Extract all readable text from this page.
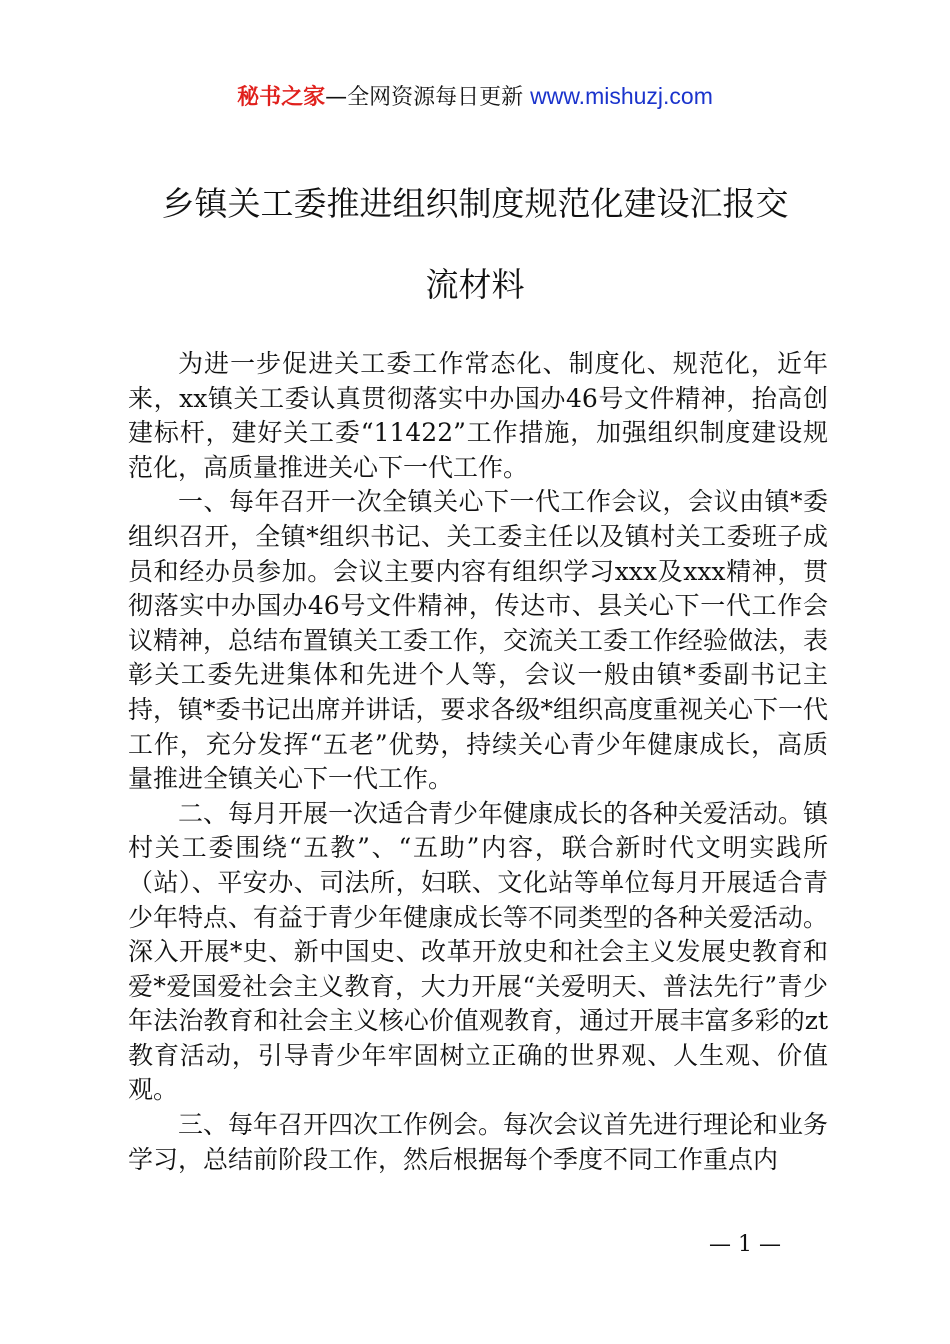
秘书之家—全网资源每日更新 www.mishuzj.com
乡镇关工委推进组织制度规范化建设汇报交
流材料

为进一步促进关工委工作常态化、制度化、规范化，近年来，xx镇关工委认真贯彻落实中办国办46号文件精神，抬高创建标杆，建好关工委“11422”工作措施，加强组织制度建设规范化，高质量推进关心下一代工作。

一、每年召开一次全镇关心下一代工作会议，会议由镇*委组织召开，全镇*组织书记、关工委主任以及镇村关工委班子成员和经办员参加。会议主要内容有组织学习xxx及xxx精神，贯彻落实中办国办46号文件精神，传达市、县关心下一代工作会议精神，总结布置镇关工委工作，交流关工委工作经验做法，表彰关工委先进集体和先进个人等，会议一般由镇*委副书记主持，镇*委书记出席并讲话，要求各级*组织高度重视关心下一代工作，充分发挥“五老”优势，持续关心青少年健康成长，高质量推进全镇关心下一代工作。

二、每月开展一次适合青少年健康成长的各种关爱活动。镇村关工委围绕“五教”、“五助”内容，联合新时代文明实践所（站）、平安办、司法所，妇联、文化站等单位每月开展适合青少年特点、有益于青少年健康成长等不同类型的各种关爱活动。深入开展*史、新中国史、改革开放史和社会主义发展史教育和爱*爱国爱社会主义教育，大力开展“关爱明天、普法先行”青少年法治教育和社会主义核心价值观教育，通过开展丰富多彩的zt教育活动，引导青少年牢固树立正确的世界观、人生观、价值观。

三、每年召开四次工作例会。每次会议首先进行理论和业务学习，总结前阶段工作，然后根据每个季度不同工作重点内

— 1 —
